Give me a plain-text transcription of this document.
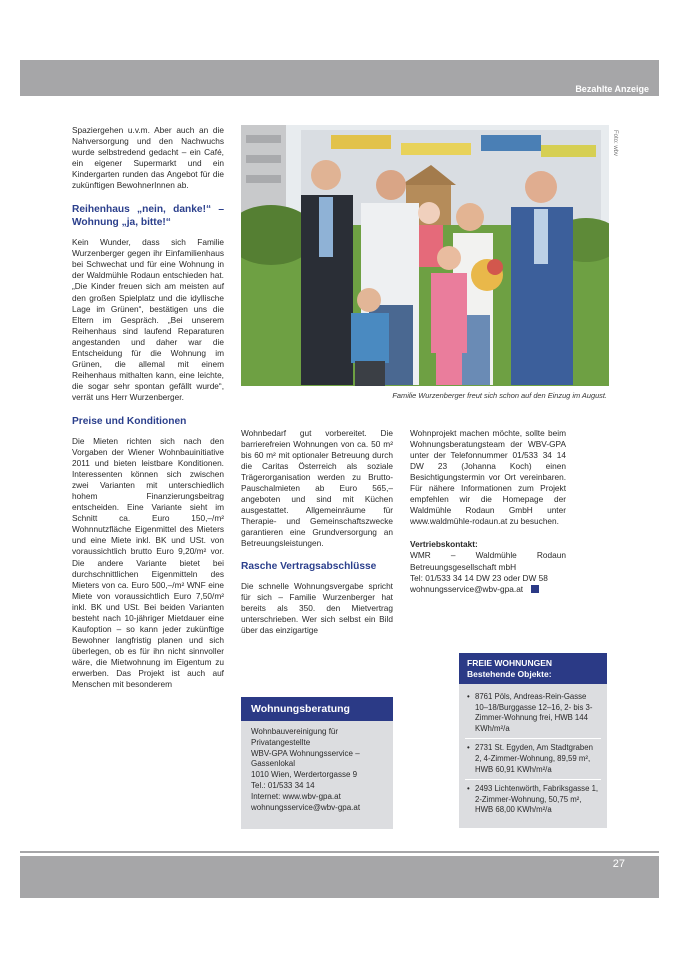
Bezahlte Anzeige

Spaziergehen u.v.m. Aber auch an die Nahversorgung und den Nachwuchs wurde selbstredend gedacht – ein Café, ein eigener Supermarkt und ein Kindergarten runden das Angebot für die zukünftigen BewohnerInnen ab.

Reihenhaus „nein, danke!“ – Wohnung „ja, bitte!“

Kein Wunder, dass sich Familie Wurzenberger gegen ihr Einfamilienhaus bei Schwechat und für eine Wohnung in der Waldmühle Rodaun entschieden hat. „Die Kinder freuen sich am meisten auf den großen Spielplatz und die idyllische Lage im Grünen“, bestätigen uns die Eltern im Gespräch. „Bei unserem Reihenhaus sind laufend Reparaturen angestanden und daher war die Entscheidung für die Wohnung im Grünen, die allemal mit einem Reihenhaus mithalten kann, eine leichte, die sogar sehr spontan gefällt wurde“, verrät uns Herr Wurzenberger.

Preise und Konditionen

Die Mieten richten sich nach den Vorgaben der Wiener Wohnbauinitiative 2011 und bieten leistbare Konditionen. Interessenten können sich zwischen zwei Varianten mit unterschiedlich hohem Finanzierungsbeitrag entscheiden. Eine Variante sieht im Schnitt ca. Euro 150,–/m² Wohnnutzfläche Eigenmittel des Mieters und eine Miete inkl. BK und USt. von voraussichtlich brutto Euro 9,20/m² vor. Die andere Variante bietet bei durchschnittlichen Eigenmitteln des Mieters von ca. Euro 500,–/m² WNF eine Miete von voraussichtlich Euro 7,50/m² inkl. BK und USt. Bei beiden Varianten besteht nach 10-jähriger Mietdauer eine Kaufoption – so kann jeder zukünftige Bewohner langfristig planen und sich überlegen, ob es für ihn nicht sinnvoller wäre, die Mietwohnung im Eigentum zu erwerben. Das Projekt ist auch auf Menschen mit besonderem

Foto: wbv
Familie Wurzenberger freut sich schon auf den Einzug im August.

Wohnbedarf gut vorbereitet. Die barrierefreien Wohnungen von ca. 50 m² bis 60 m² mit optionaler Betreuung durch die Caritas Österreich als soziale Trägerorganisation werden zu Brutto-Pauschalmieten ab Euro 565,– angeboten und sind mit Küchen ausgestattet. Allgemeinräume für Therapie- und Gemeinschaftszwecke garantieren eine Grundversorgung an Betreuungsleistungen.

Rasche Vertragsabschlüsse

Die schnelle Wohnungsvergabe spricht für sich – Familie Wurzenberger hat bereits als 350. den Mietvertrag unterschrieben. Wer sich selbst ein Bild über das einzigartige

Wohnungsberatung
Wohnbauvereinigung für Privatangestellte
WBV-GPA Wohnungsservice – Gassenlokal
1010 Wien, Werdertorgasse 9
Tel.: 01/533 34 14
Internet: www.wbv-gpa.at
wohnungsservice@wbv-gpa.at

Wohnprojekt machen möchte, sollte beim Wohnungsberatungsteam der WBV-GPA unter der Telefonnummer 01/533 34 14 DW 23 (Johanna Koch) einen Besichtigungstermin vor Ort vereinbaren. Für nähere Informationen zum Projekt empfehlen wir die Homepage der Waldmühle Rodaun GmbH unter www.waldmühle-rodaun.at zu besuchen.

Vertriebskontakt:

WMR – Waldmühle Rodaun Betreuungsgesellschaft mbH

Tel: 01/533 34 14 DW 23 oder DW 58

wohnungsservice@wbv-gpa.at

FREIE WOHNUNGEN
Bestehende Objekte:
• 8761 Pöls, Andreas-Rein-Gasse 10–18/Burggasse 12–16, 2- bis 3-Zimmer-Wohnung frei, HWB 144 KWh/m²/a
• 2731 St. Egyden, Am Stadtgraben 2, 4-Zimmer-Wohnung, 89,59 m², HWB 60,91 KWh/m²/a
• 2493 Lichtenwörth, Fabriksgasse 1, 2-Zimmer-Wohnung, 50,75 m², HWB 68,00 KWh/m²/a
27
